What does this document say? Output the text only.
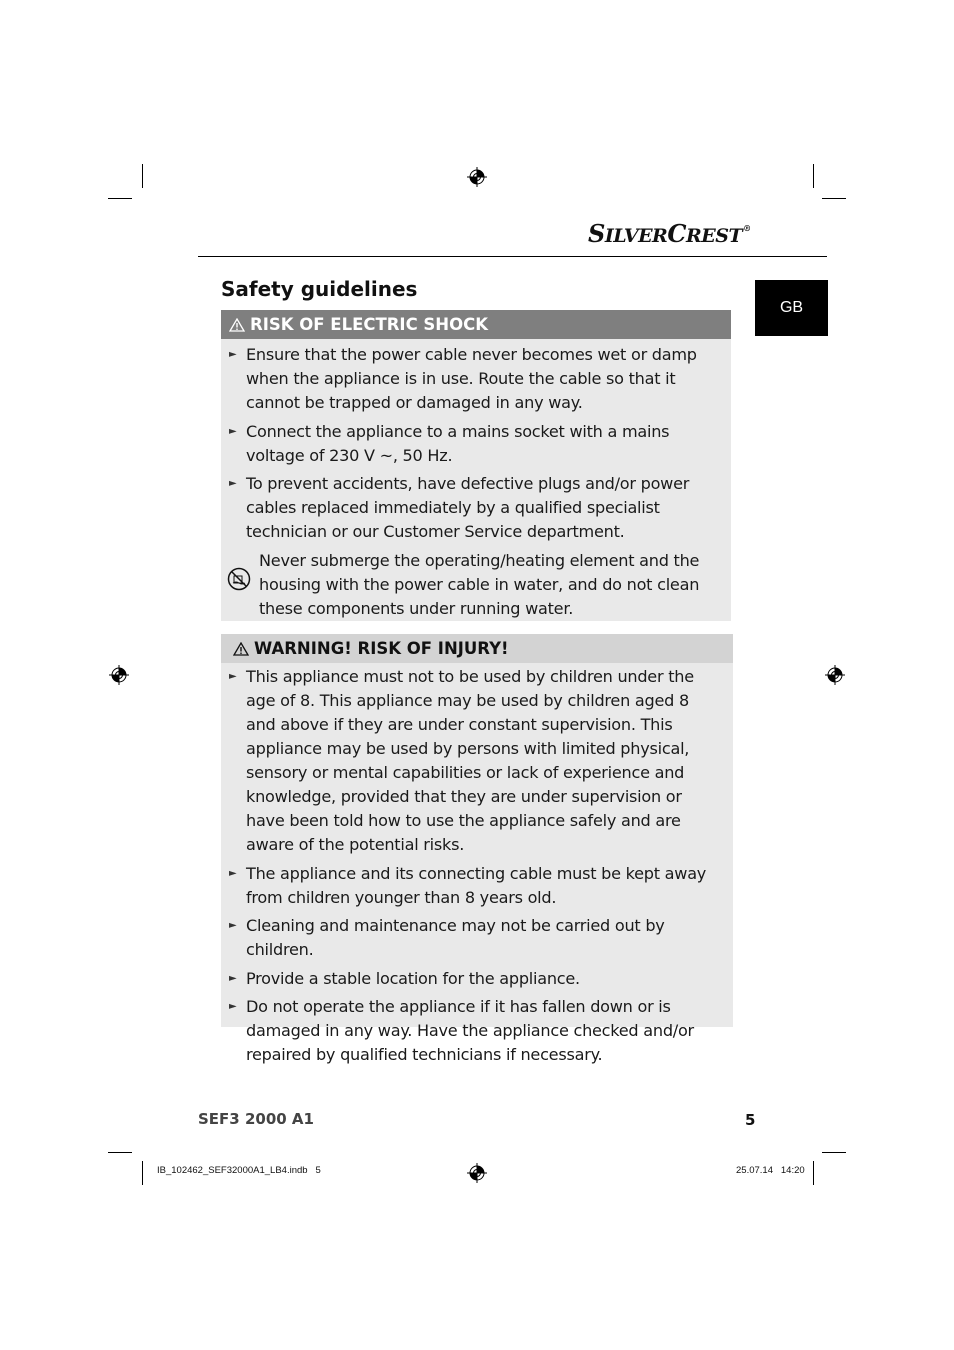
SILVERCREST®
GB
Safety guidelines
RISK OF ELECTRIC SHOCK
► Ensure that the power cable never becomes wet or damp when the appliance is in use. Route the cable so that it cannot be trapped or damaged in any way.
► Connect the appliance to a mains socket with a mains voltage of 230 V ~, 50 Hz.
► To prevent accidents, have defective plugs and/or power cables replaced immediately by a qualified specialist technician or our Customer Service department.
Never submerge the operating/heating element and the housing with the power cable in water, and do not clean these components under running water.
WARNING! RISK OF INJURY!
► This appliance must not to be used by children under the age of 8. This appliance may be used by children aged 8 and above if they are under constant supervision. This appliance may be used by persons with limited physical, sensory or mental capabilities or lack of experience and knowledge, provided that they are under supervision or have been told how to use the appliance safely and are aware of the potential risks.
► The appliance and its connecting cable must be kept away from children younger than 8 years old.
► Cleaning and maintenance may not be carried out by children.
► Provide a stable location for the appliance.
► Do not operate the appliance if it has fallen down or is damaged in any way. Have the appliance checked and/or repaired by qualified technicians if necessary.
SEF3 2000 A1	5
IB_102462_SEF32000A1_LB4.indb   5	25.07.14   14:20
